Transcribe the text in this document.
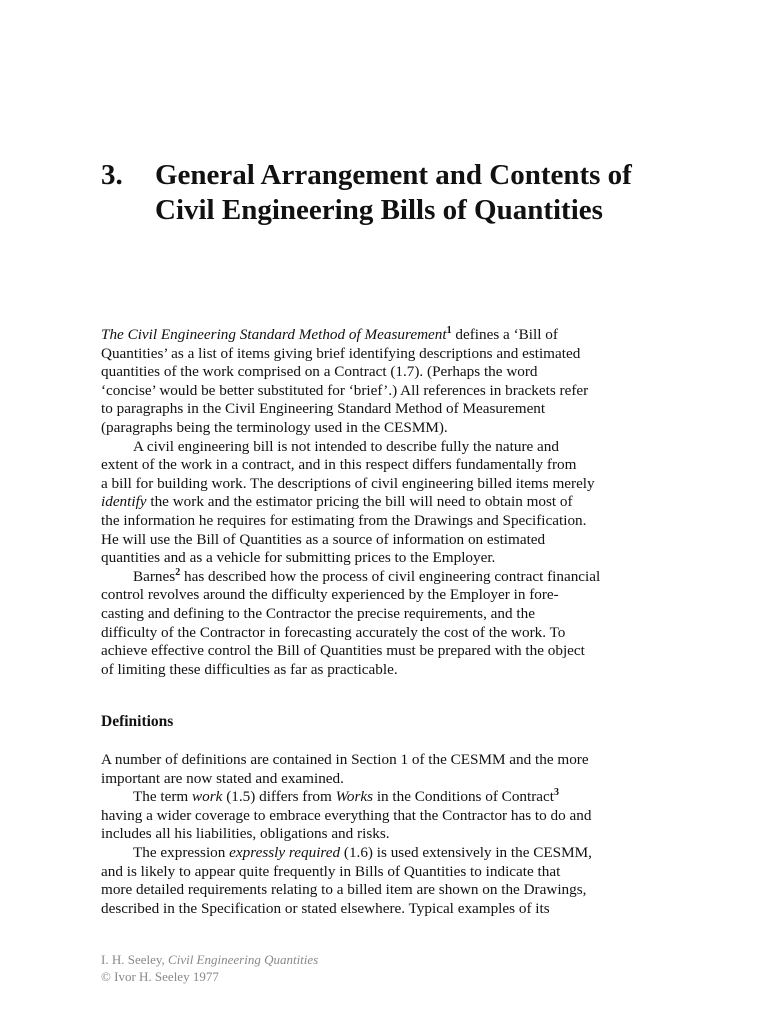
3. General Arrangement and Contents of
Civil Engineering Bills of Quantities

The Civil Engineering Standard Method of Measurement$^1$ defines a ‘Bill of
Quantities’ as a list of items giving brief identifying descriptions and estimated
quantities of the work comprised on a Contract (1.7). (Perhaps the word
‘concise’ would be better substituted for ‘brief’.) All references in brackets refer
to paragraphs in the Civil Engineering Standard Method of Measurement
(paragraphs being the terminology used in the CESMM).

A civil engineering bill is not intended to describe fully the nature and
extent of the work in a contract, and in this respect differs fundamentally from
a bill for building work. The descriptions of civil engineering billed items merely
identify the work and the estimator pricing the bill will need to obtain most of
the information he requires for estimating from the Drawings and Specification.
He will use the Bill of Quantities as a source of information on estimated
quantities and as a vehicle for submitting prices to the Employer.

Barnes$^2$ has described how the process of civil engineering contract financial
control revolves around the difficulty experienced by the Employer in fore-
casting and defining to the Contractor the precise requirements, and the
difficulty of the Contractor in forecasting accurately the cost of the work. To
achieve effective control the Bill of Quantities must be prepared with the object
of limiting these difficulties as far as practicable.

Definitions

A number of definitions are contained in Section 1 of the CESMM and the more
important are now stated and examined.

The term work (1.5) differs from Works in the Conditions of Contract$^3$
having a wider coverage to embrace everything that the Contractor has to do and
includes all his liabilities, obligations and risks.

The expression expressly required (1.6) is used extensively in the CESMM,
and is likely to appear quite frequently in Bills of Quantities to indicate that
more detailed requirements relating to a billed item are shown on the Drawings,
described in the Specification or stated elsewhere. Typical examples of its

I. H. Seeley, Civil Engineering Quantities
© Ivor H. Seeley 1977
